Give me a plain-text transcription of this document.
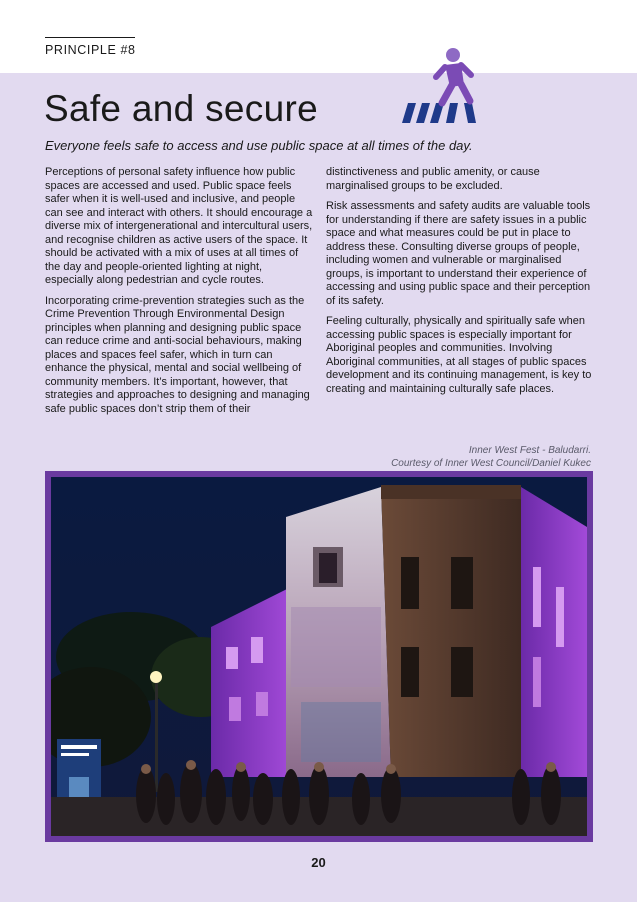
PRINCIPLE #8
Safe and secure

Everyone feels safe to access and use public space at all times of the day.

Perceptions of personal safety influence how public spaces are accessed and used. Public space feels safer when it is well-used and inclusive, and people can see and interact with others. It should encourage a diverse mix of intergenerational and intercultural users, and recognise children as active users of the space. It should be activated with a mix of uses at all times of the day and people-oriented lighting at night, especially along pedestrian and cycle routes.

Incorporating crime-prevention strategies such as the Crime Prevention Through Environmental Design principles when planning and designing public space can reduce crime and anti-social behaviours, making places and spaces feel safer, which in turn can enhance the physical, mental and social wellbeing of community members. It’s important, however, that strategies and approaches to designing and managing safe public spaces don’t strip them of their

distinctiveness and public amenity, or cause marginalised groups to be excluded.

Risk assessments and safety audits are valuable tools for understanding if there are safety issues in a public space and what measures could be put in place to address these. Consulting diverse groups of people, including women and vulnerable or marginalised groups, is important to understand their experience of accessing and using public space and their perception of its safety.

Feeling culturally, physically and spiritually safe when accessing public spaces is especially important for Aboriginal peoples and communities. Involving Aboriginal communities, at all stages of public spaces development and its continuing management, is key to creating and maintaining culturally safe places.

Inner West Fest - Baludarri.
Courtesy of Inner West Council/Daniel Kukec
20
